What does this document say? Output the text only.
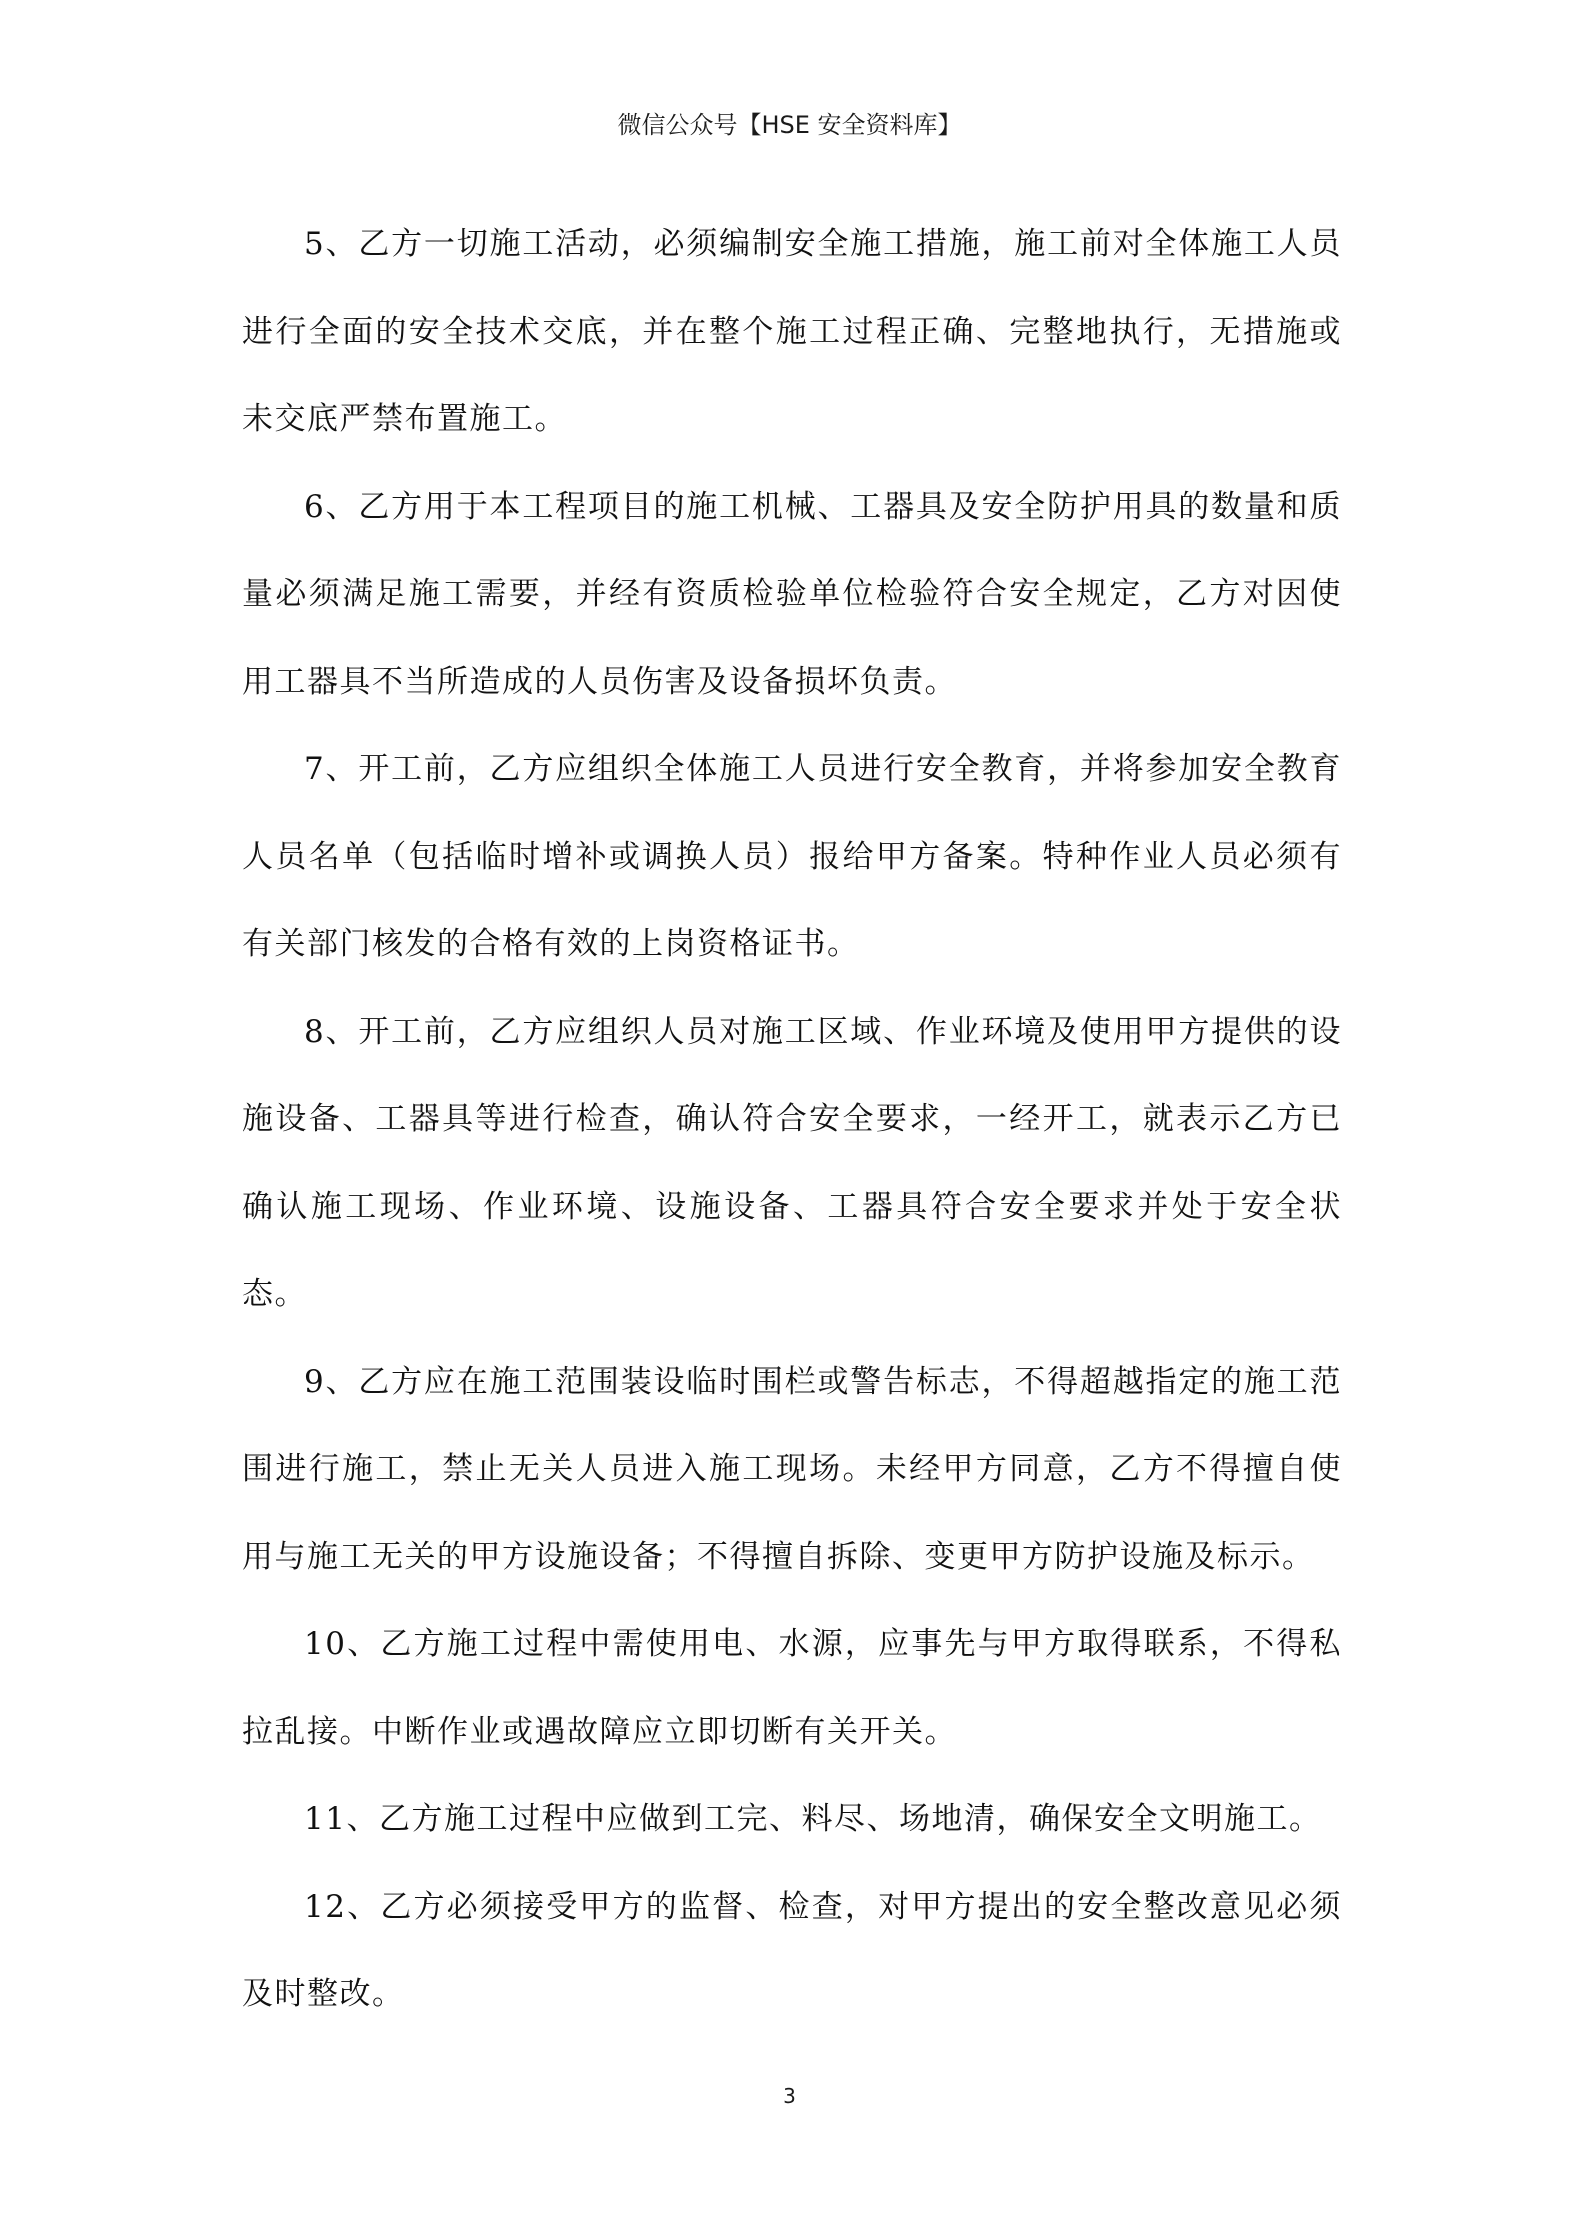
微信公众号【HSE 安全资料库】

5、乙方一切施工活动，必须编制安全施工措施，施工前对全体施工人员进行全面的安全技术交底，并在整个施工过程正确、完整地执行，无措施或未交底严禁布置施工。

6、乙方用于本工程项目的施工机械、工器具及安全防护用具的数量和质量必须满足施工需要，并经有资质检验单位检验符合安全规定，乙方对因使用工器具不当所造成的人员伤害及设备损坏负责。

7、开工前，乙方应组织全体施工人员进行安全教育，并将参加安全教育人员名单（包括临时增补或调换人员）报给甲方备案。特种作业人员必须有有关部门核发的合格有效的上岗资格证书。

8、开工前，乙方应组织人员对施工区域、作业环境及使用甲方提供的设施设备、工器具等进行检查，确认符合安全要求，一经开工，就表示乙方已确认施工现场、作业环境、设施设备、工器具符合安全要求并处于安全状态。

9、乙方应在施工范围装设临时围栏或警告标志，不得超越指定的施工范围进行施工，禁止无关人员进入施工现场。未经甲方同意，乙方不得擅自使用与施工无关的甲方设施设备；不得擅自拆除、变更甲方防护设施及标示。

10、乙方施工过程中需使用电、水源，应事先与甲方取得联系，不得私拉乱接。中断作业或遇故障应立即切断有关开关。

11、乙方施工过程中应做到工完、料尽、场地清，确保安全文明施工。

12、乙方必须接受甲方的监督、检查，对甲方提出的安全整改意见必须及时整改。

3
